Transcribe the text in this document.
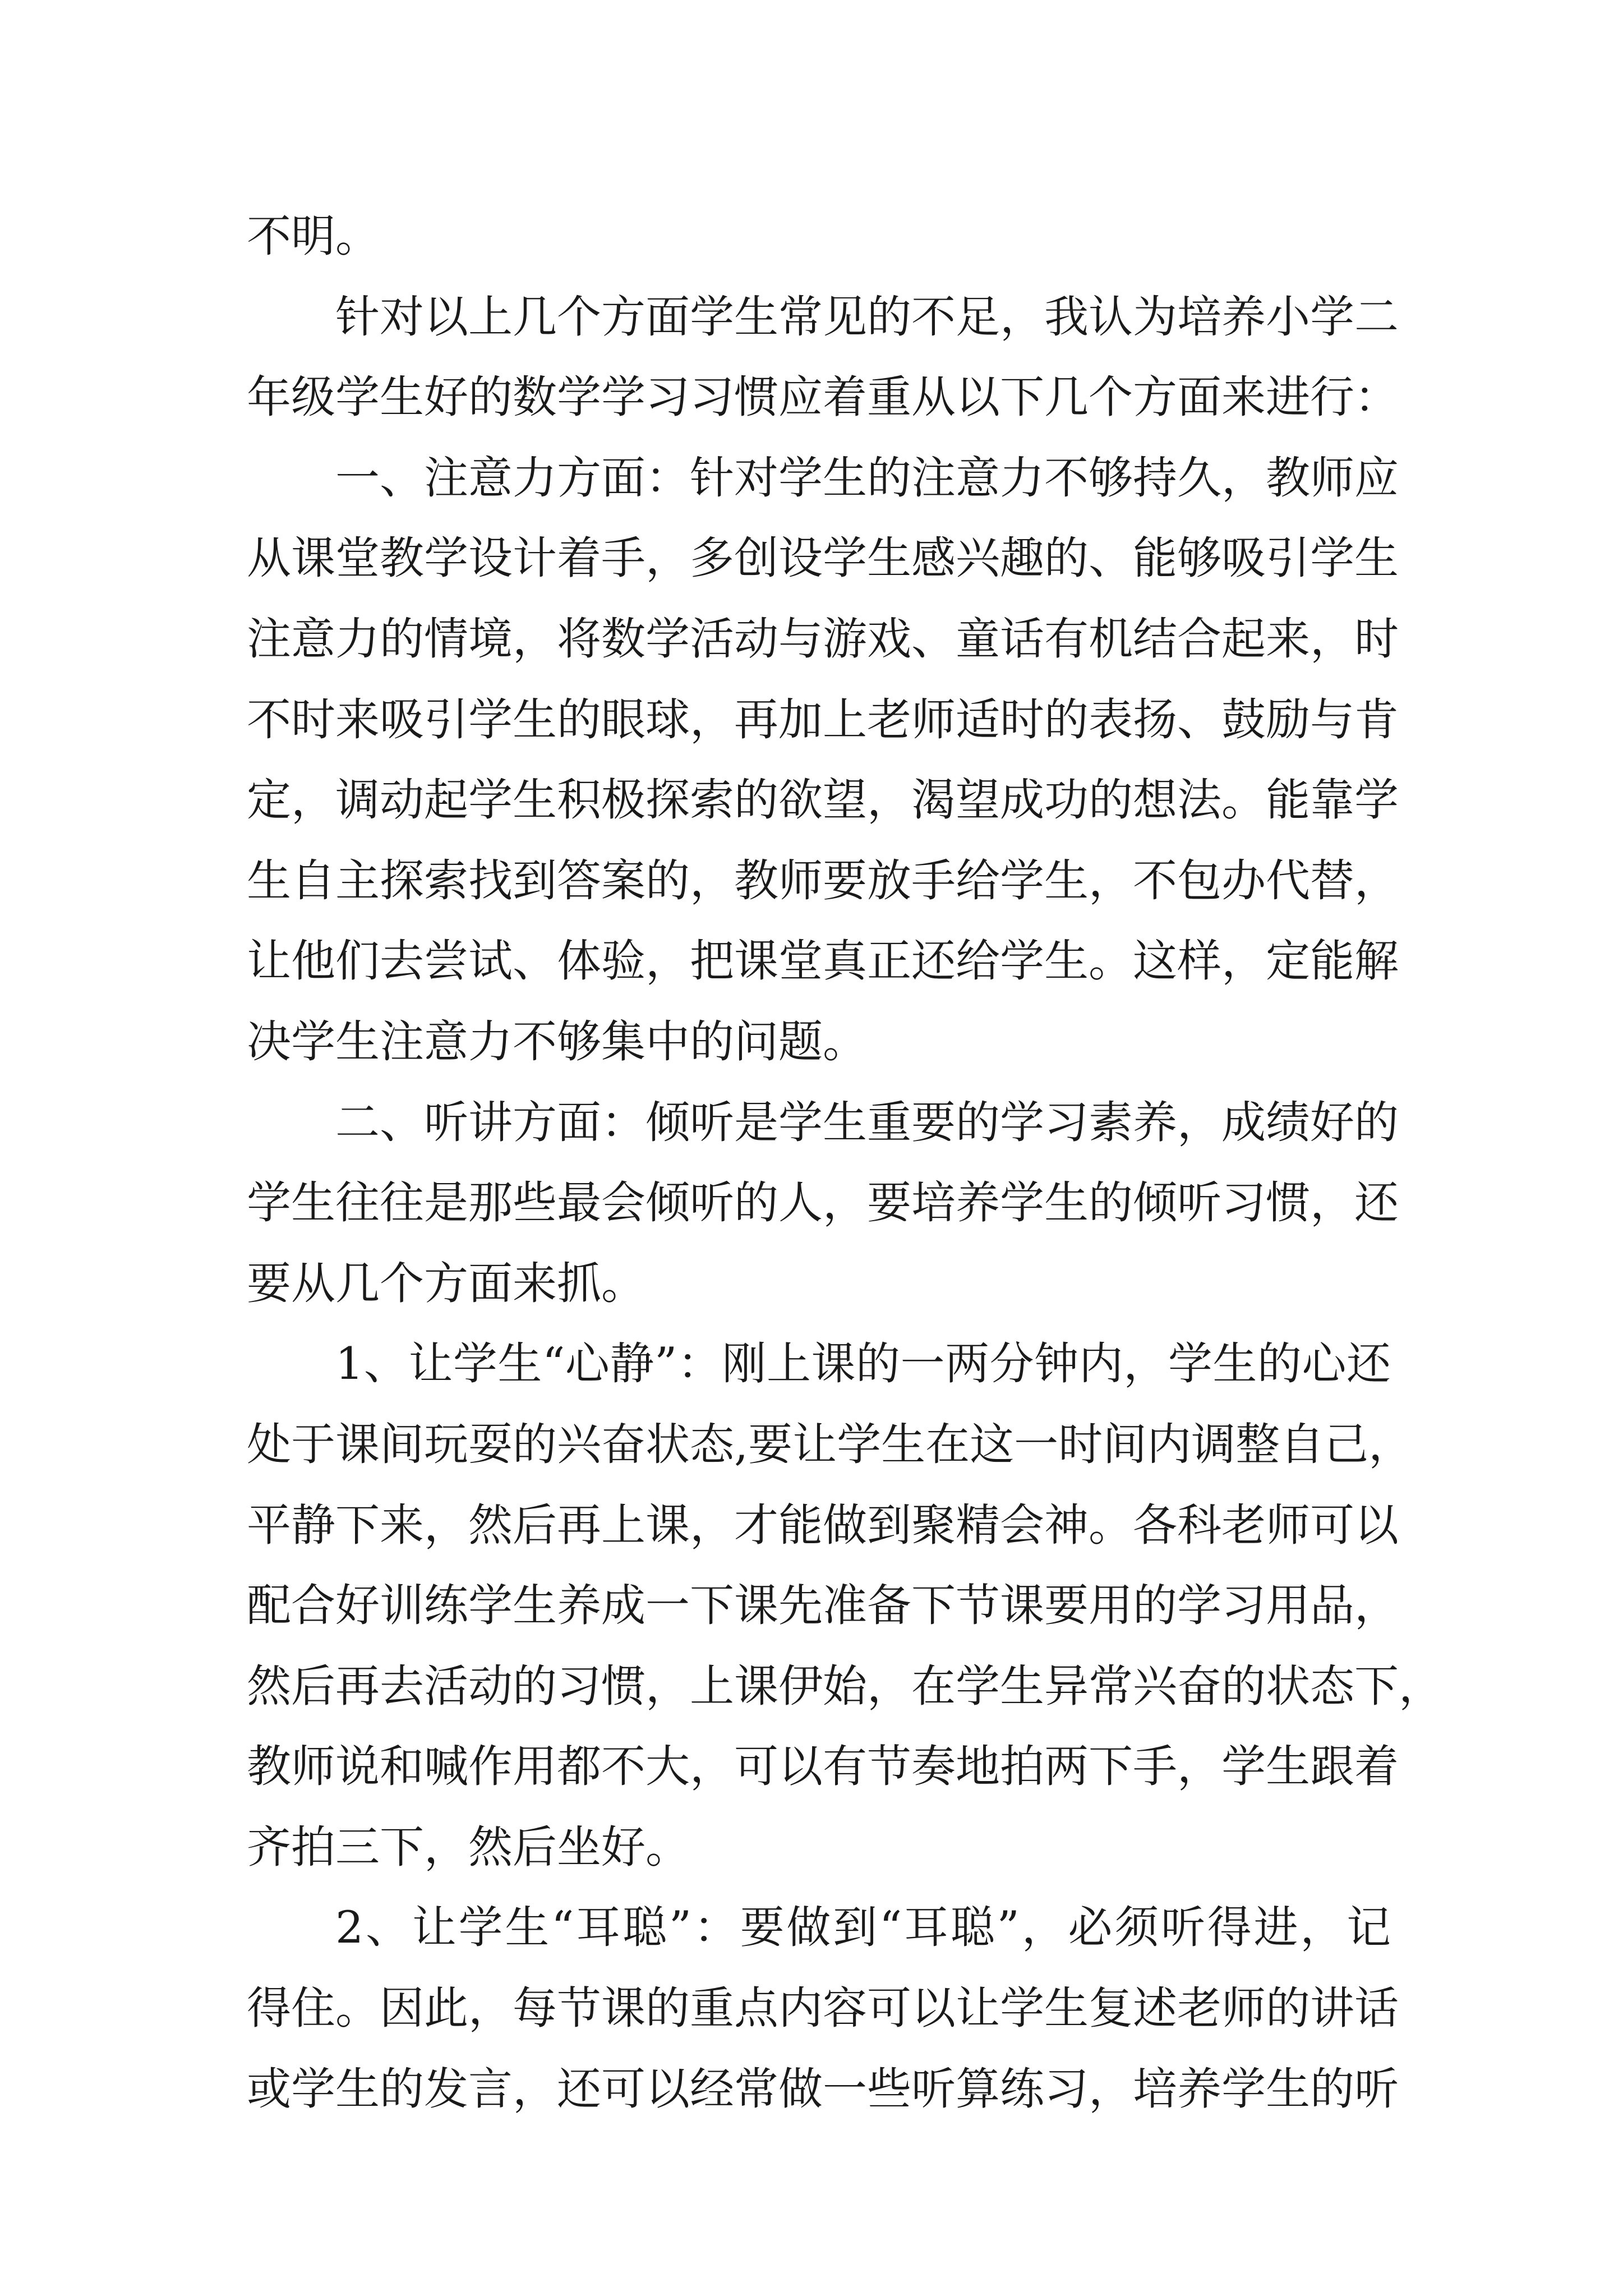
不明。
针对以上几个方面学生常见的不足，我认为培养小学二
年级学生好的数学学习习惯应着重从以下几个方面来进行：
一、注意力方面：针对学生的注意力不够持久，教师应
从课堂教学设计着手，多创设学生感兴趣的、能够吸引学生
注意力的情境，将数学活动与游戏、童话有机结合起来，时
不时来吸引学生的眼球，再加上老师适时的表扬、鼓励与肯
定，调动起学生积极探索的欲望，渴望成功的想法。能靠学
生自主探索找到答案的，教师要放手给学生，不包办代替，
让他们去尝试、体验，把课堂真正还给学生。这样，定能解
决学生注意力不够集中的问题。
二、听讲方面：倾听是学生重要的学习素养，成绩好的
学生往往是那些最会倾听的人，要培养学生的倾听习惯，还
要从几个方面来抓。
1、让学生“心静”：刚上课的一两分钟内，学生的心还
处于课间玩耍的兴奋状态,要让学生在这一时间内调整自己，
平静下来，然后再上课，才能做到聚精会神。各科老师可以
配合好训练学生养成一下课先准备下节课要用的学习用品，
然后再去活动的习惯，上课伊始，在学生异常兴奋的状态下，
教师说和喊作用都不大，可以有节奏地拍两下手，学生跟着
齐拍三下，然后坐好。
2、让学生“耳聪”：要做到“耳聪”，必须听得进，记
得住。因此，每节课的重点内容可以让学生复述老师的讲话
或学生的发言，还可以经常做一些听算练习，培养学生的听
